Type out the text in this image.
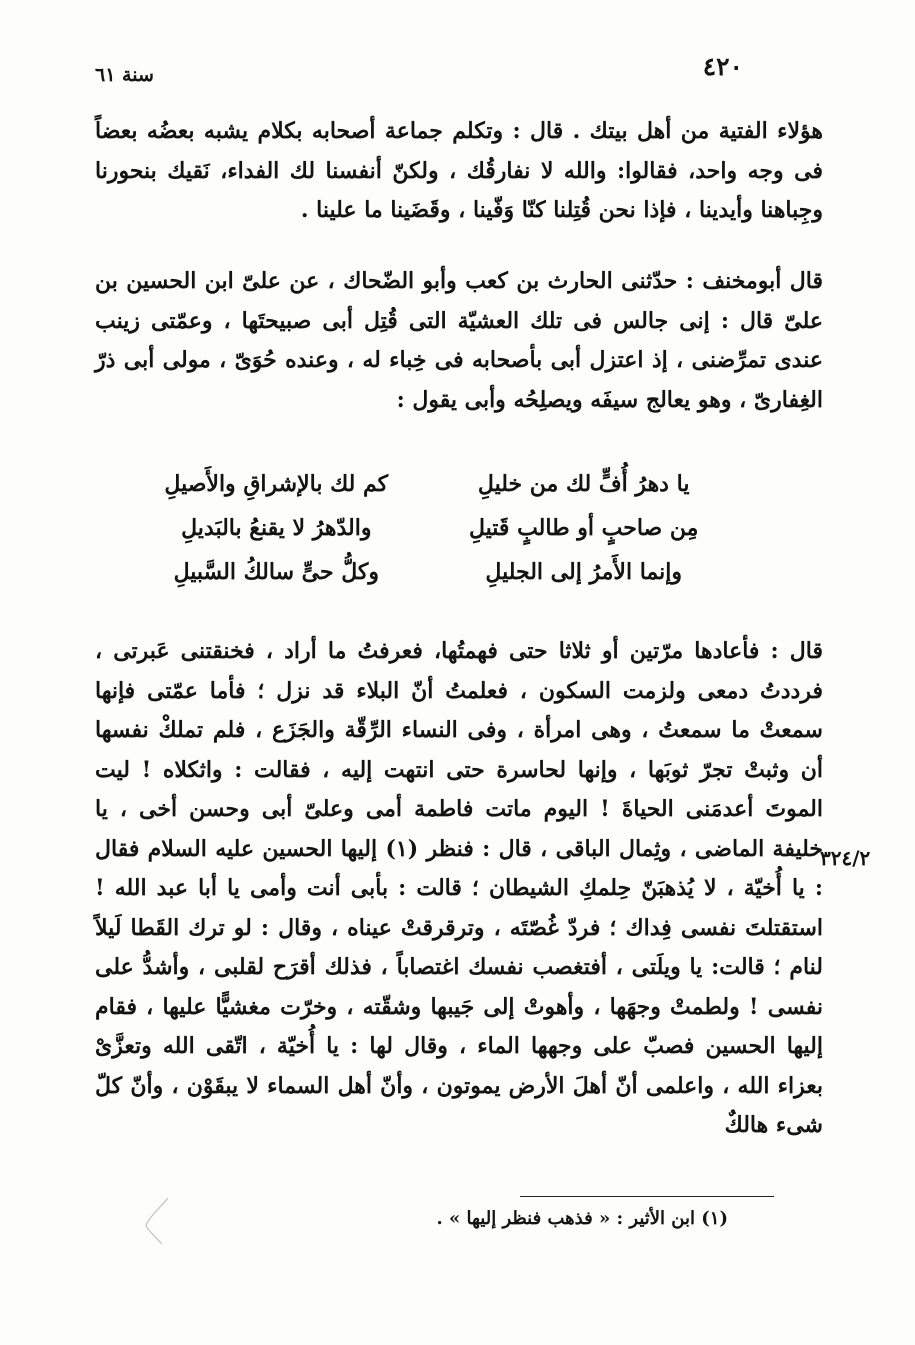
٤٢٠
سنة ٦١

هؤلاء الفتية من أهل بيتك . قال : وتكلم جماعة أصحابه بكلام يشبه بعضُه بعضاً فى وجه واحد، فقالوا: والله لا نفارقُك ، ولكنّ أنفسنا لك الفداء، نَقيك بنحورنا وجِباهنا وأيدينا ، فإذا نحن قُتِلنا كنّا وَفّينا ، وقَضَينا ما علينا .

قال أبومخنف : حدّثنى الحارث بن كعب وأبو الضّحاك ، عن علىّ ابن الحسين بن علىّ قال : إنى جالس فى تلك العشيّة التى قُتِل أبى صبيحتَها ، وعمّتى زينب عندى تمرِّضنى ، إذ اعتزل أبى بأصحابه فى خِباء له ، وعنده حُوَىّ ، مولى أبى ذرّ الغِفارىّ ، وهو يعالج سيفَه ويصلِحُه وأبى يقول :

يا دهرُ أُفٍّ لك من خليلِ
كم لك بالإشراقِ والأَصيلِ
مِن صاحبٍ أو طالبٍ قَتيلِ
والدّهرُ لا يقنعُ بالبَديلِ
وإنما الأَمرُ إلى الجليلِ
وكلُّ حىٍّ سالكُ السَّبيلِ

قال : فأعادها مرّتين أو ثلاثا حتى فهمتُها، فعرفتُ ما أراد ، فخنقتنى عَبرتى ، فرددتُ دمعى ولزمت السكون ، فعلمتُ أنّ البلاء قد نزل ؛ فأما عمّتى فإنها سمعتْ ما سمعتُ ، وهى امرأة ، وفى النساء الرِّقّة والجَزَع ، فلم تملكْ نفسها أن وثبتْ تجرّ ثوبَها ، وإنها لحاسرة حتى انتهت إليه ، فقالت : واثكلاه ! ليت الموتَ أعدمَنى الحياةَ ! اليوم ماتت فاطمة أمى وعلىّ أبى وحسن أخى ، يا خليفة الماضى ، وثِمال الباقى ، قال : فنظر (١) إليها الحسين عليه السلام فقال : يا أُخيّة ، لا يُذهبَنّ حِلمكِ الشيطان ؛ قالت : بأبى أنت وأمى يا أبا عبد الله ! استقتلتَ نفسى فِداك ؛ فردّ غُصّتَه ، وترقرقتْ عيناه ، وقال : لو ترك القَطا لَيلاً لنام ؛ قالت: يا ويلَتى ، أفتغصب نفسك اغتصاباً ، فذلك أقرَح لقلبى ، وأشدُّ على نفسى ! ولطمتْ وجهَها ، وأهوتْ إلى جَيبها وشقّته ، وخرّت مغشيًّا عليها ، فقام إليها الحسين فصبّ على وجهها الماء ، وقال لها : يا أُخيّة ، اتّقى الله وتعزَّىْ بعزاء الله ، واعلمى أنّ أهلَ الأرض يموتون ، وأنّ أهل السماء لا يبقَوْن ، وأنّ كلّ شىء هالكٌ

٣٢٤/٢
(١) ابن الأثير : « فذهب فنظر إليها » .
